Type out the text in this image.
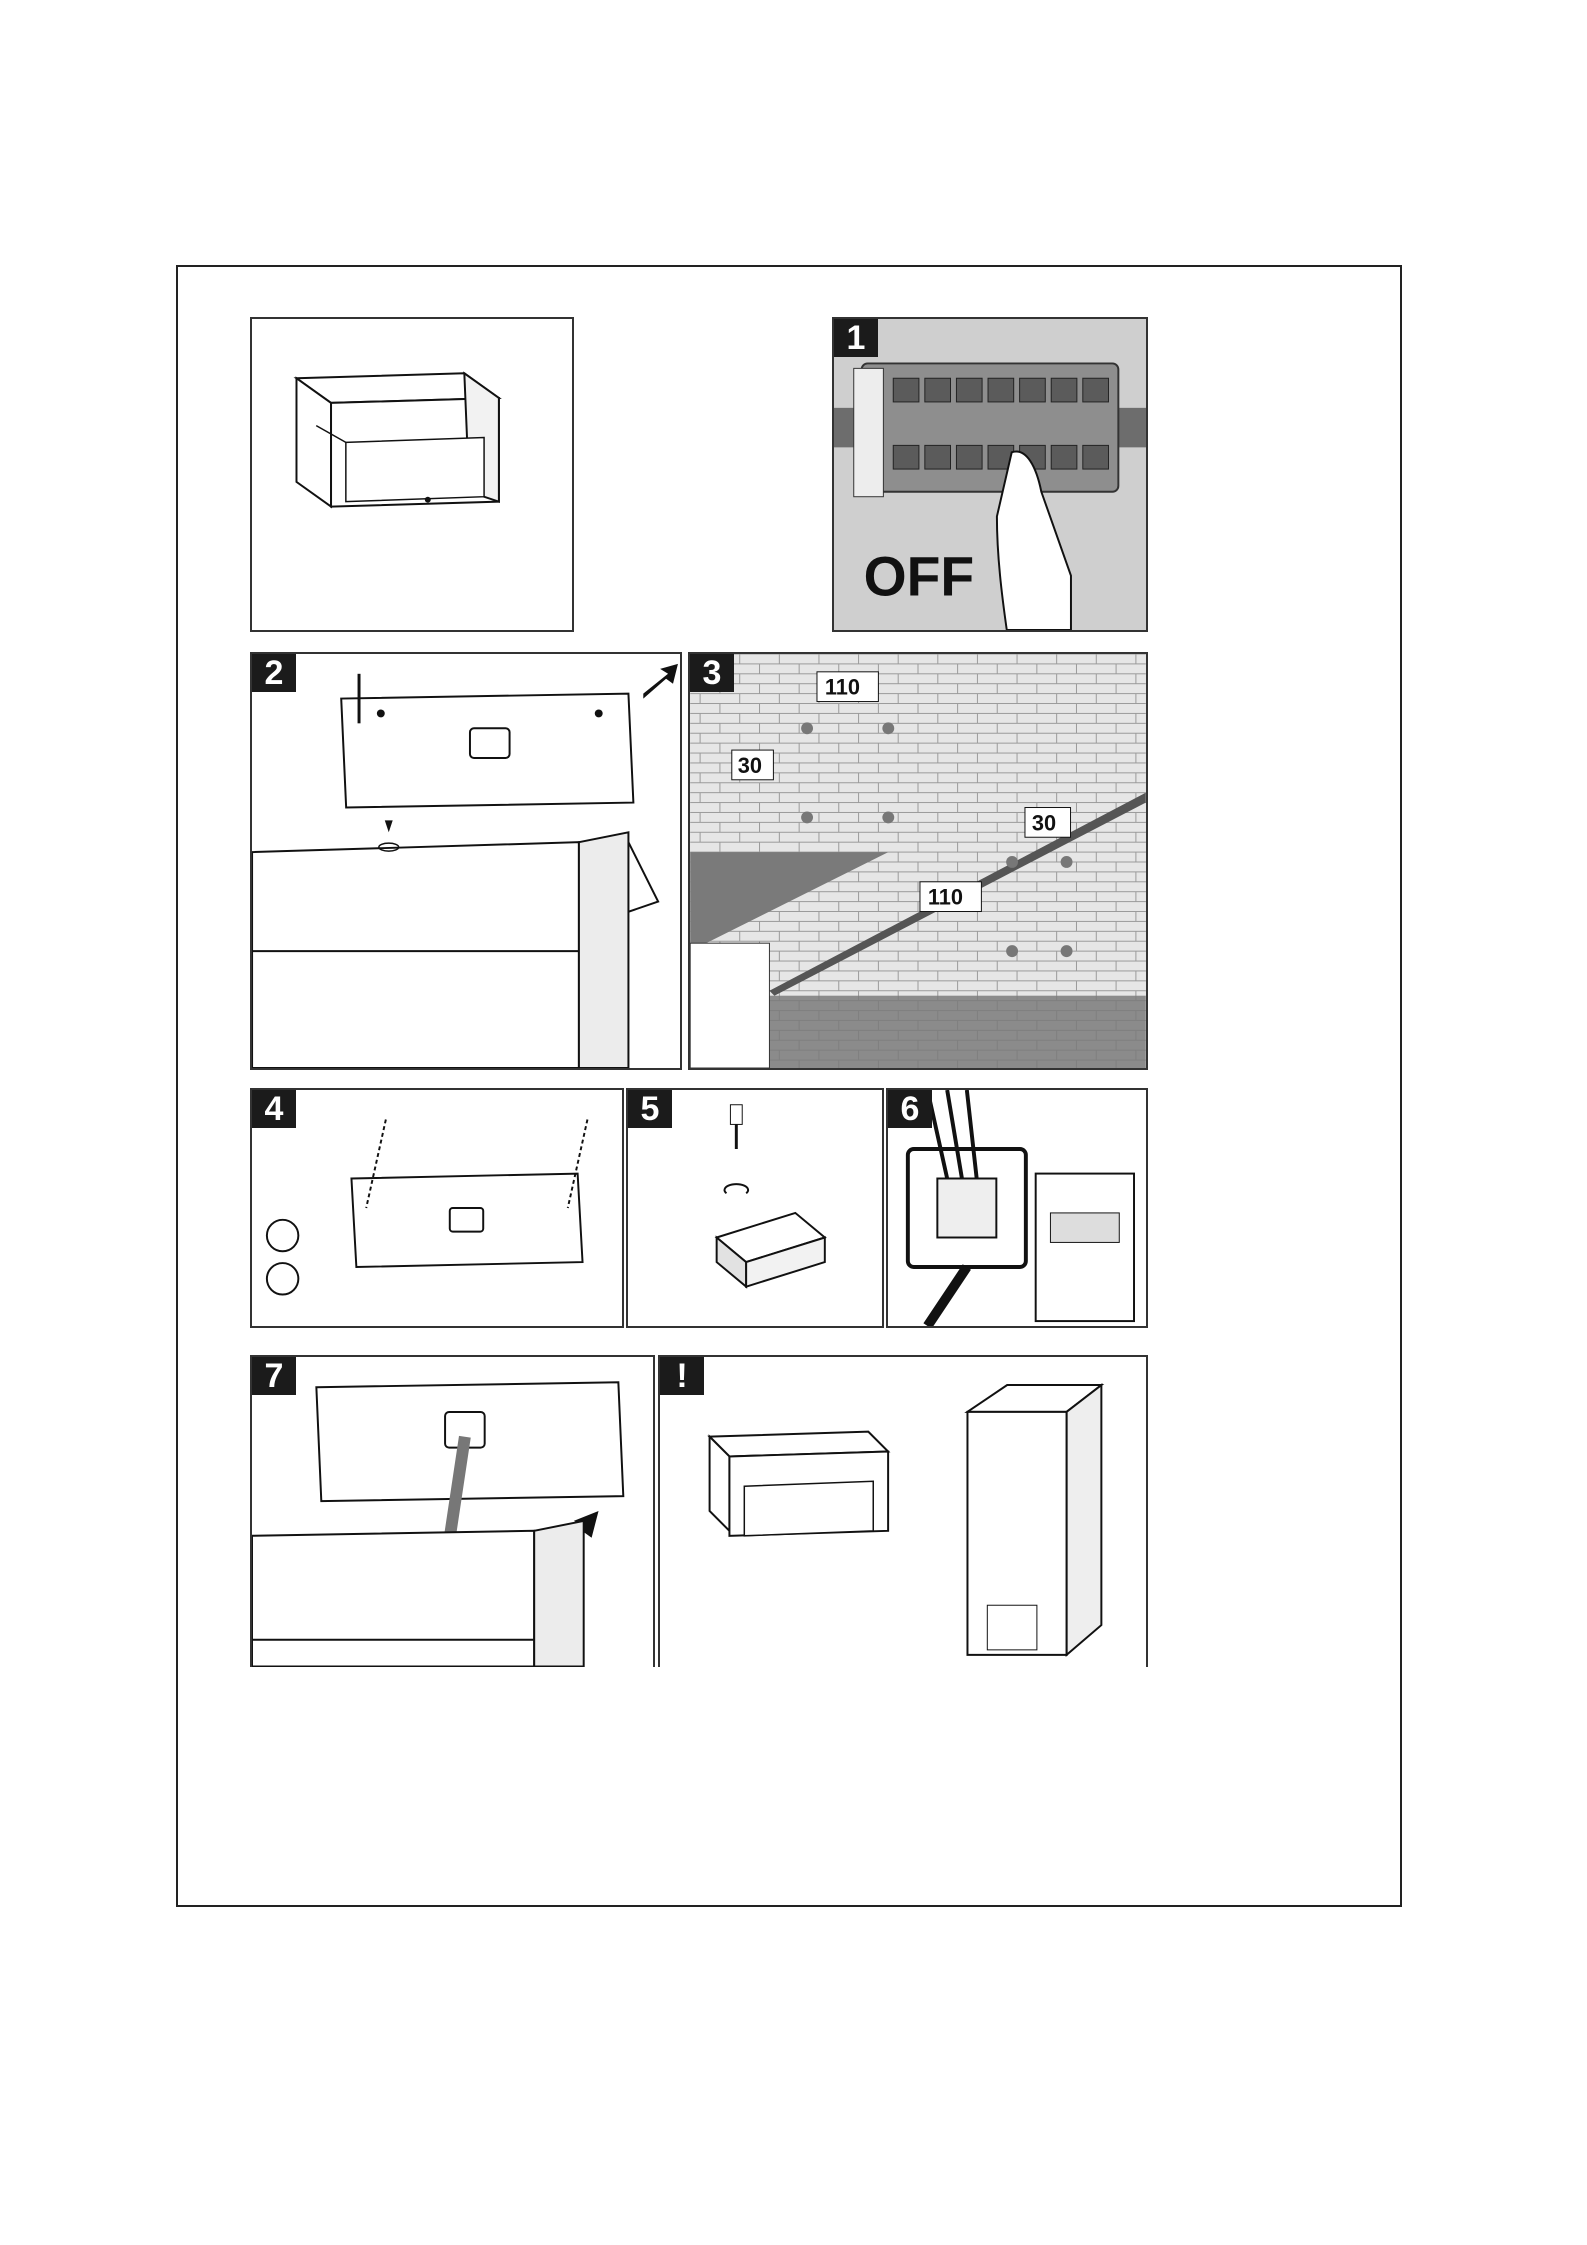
1
OFF
2	3	110
30
30
110
4	5	6
7	!
